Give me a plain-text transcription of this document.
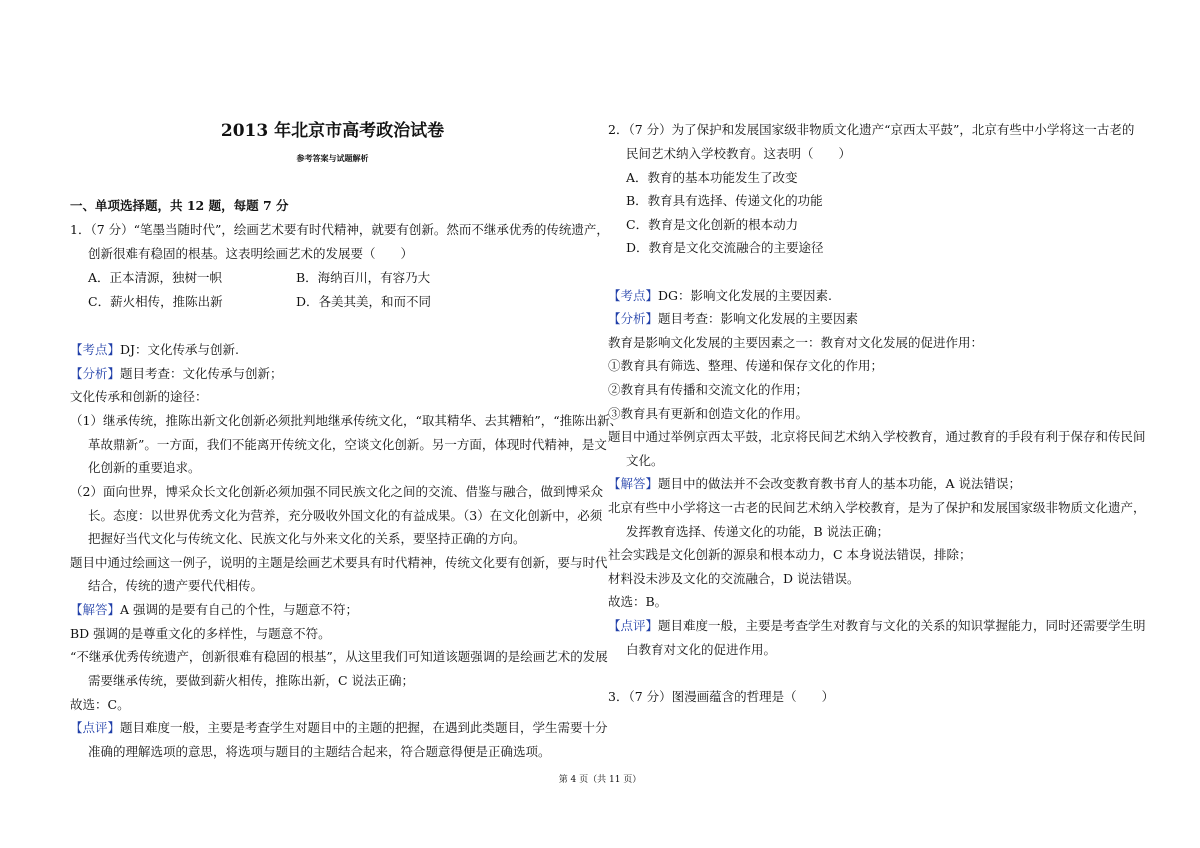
2013 年北京市高考政治试卷
参考答案与试题解析
一、单项选择题，共 12 题，每题 7 分
1．（7 分）“笔墨当随时代”，绘画艺术要有时代精神，就要有创新。然而不继承优秀的传统遗产，
创新很难有稳固的根基。这表明绘画艺术的发展要（　　）
A．正本清源，独树一帜	B．海纳百川，有容乃大
C．薪火相传，推陈出新	D．各美其美，和而不同
【考点】DJ：文化传承与创新.
【分析】题目考查：文化传承与创新；
文化传承和创新的途径：
（1）继承传统，推陈出新文化创新必须批判地继承传统文化，“取其精华、去其糟粕”，“推陈出新、
革故鼎新”。一方面，我们不能离开传统文化，空谈文化创新。另一方面，体现时代精神，是文
化创新的重要追求。
（2）面向世界，博采众长文化创新必须加强不同民族文化之间的交流、借鉴与融合，做到博采众
长。态度：以世界优秀文化为营养，充分吸收外国文化的有益成果。（3）在文化创新中，必须
把握好当代文化与传统文化、民族文化与外来文化的关系，要坚持正确的方向。
题目中通过绘画这一例子，说明的主题是绘画艺术要具有时代精神，传统文化要有创新，要与时代
结合，传统的遗产要代代相传。
【解答】A 强调的是要有自己的个性，与题意不符；
BD 强调的是尊重文化的多样性，与题意不符。
“不继承优秀传统遗产，创新很难有稳固的根基”，从这里我们可知道该题强调的是绘画艺术的发展
需要继承传统，要做到薪火相传，推陈出新，C 说法正确；
故选：C。
【点评】题目难度一般，主要是考查学生对题目中的主题的把握，在遇到此类题目，学生需要十分
准确的理解选项的意思，将选项与题目的主题结合起来，符合题意得便是正确选项。
2．（7 分）为了保护和发展国家级非物质文化遗产“京西太平鼓”，北京有些中小学将这一古老的
民间艺术纳入学校教育。这表明（　　）
A．教育的基本功能发生了改变
B．教育具有选择、传递文化的功能
C．教育是文化创新的根本动力
D．教育是文化交流融合的主要途径
【考点】DG：影响文化发展的主要因素.
【分析】题目考查：影响文化发展的主要因素
教育是影响文化发展的主要因素之一：教育对文化发展的促进作用：
①教育具有筛选、整理、传递和保存文化的作用；
②教育具有传播和交流文化的作用；
③教育具有更新和创造文化的作用。
题目中通过举例京西太平鼓，北京将民间艺术纳入学校教育，通过教育的手段有利于保存和传民间
文化。
【解答】题目中的做法并不会改变教育教书育人的基本功能，A 说法错误；
北京有些中小学将这一古老的民间艺术纳入学校教育，是为了保护和发展国家级非物质文化遗产，
发挥教育选择、传递文化的功能，B 说法正确；
社会实践是文化创新的源泉和根本动力，C 本身说法错误，排除；
材料没未涉及文化的交流融合，D 说法错误。
故选：B。
【点评】题目难度一般，主要是考查学生对教育与文化的关系的知识掌握能力，同时还需要学生明
白教育对文化的促进作用。
3．（7 分）图漫画蕴含的哲理是（　　）
第 4 页（共 11 页）
